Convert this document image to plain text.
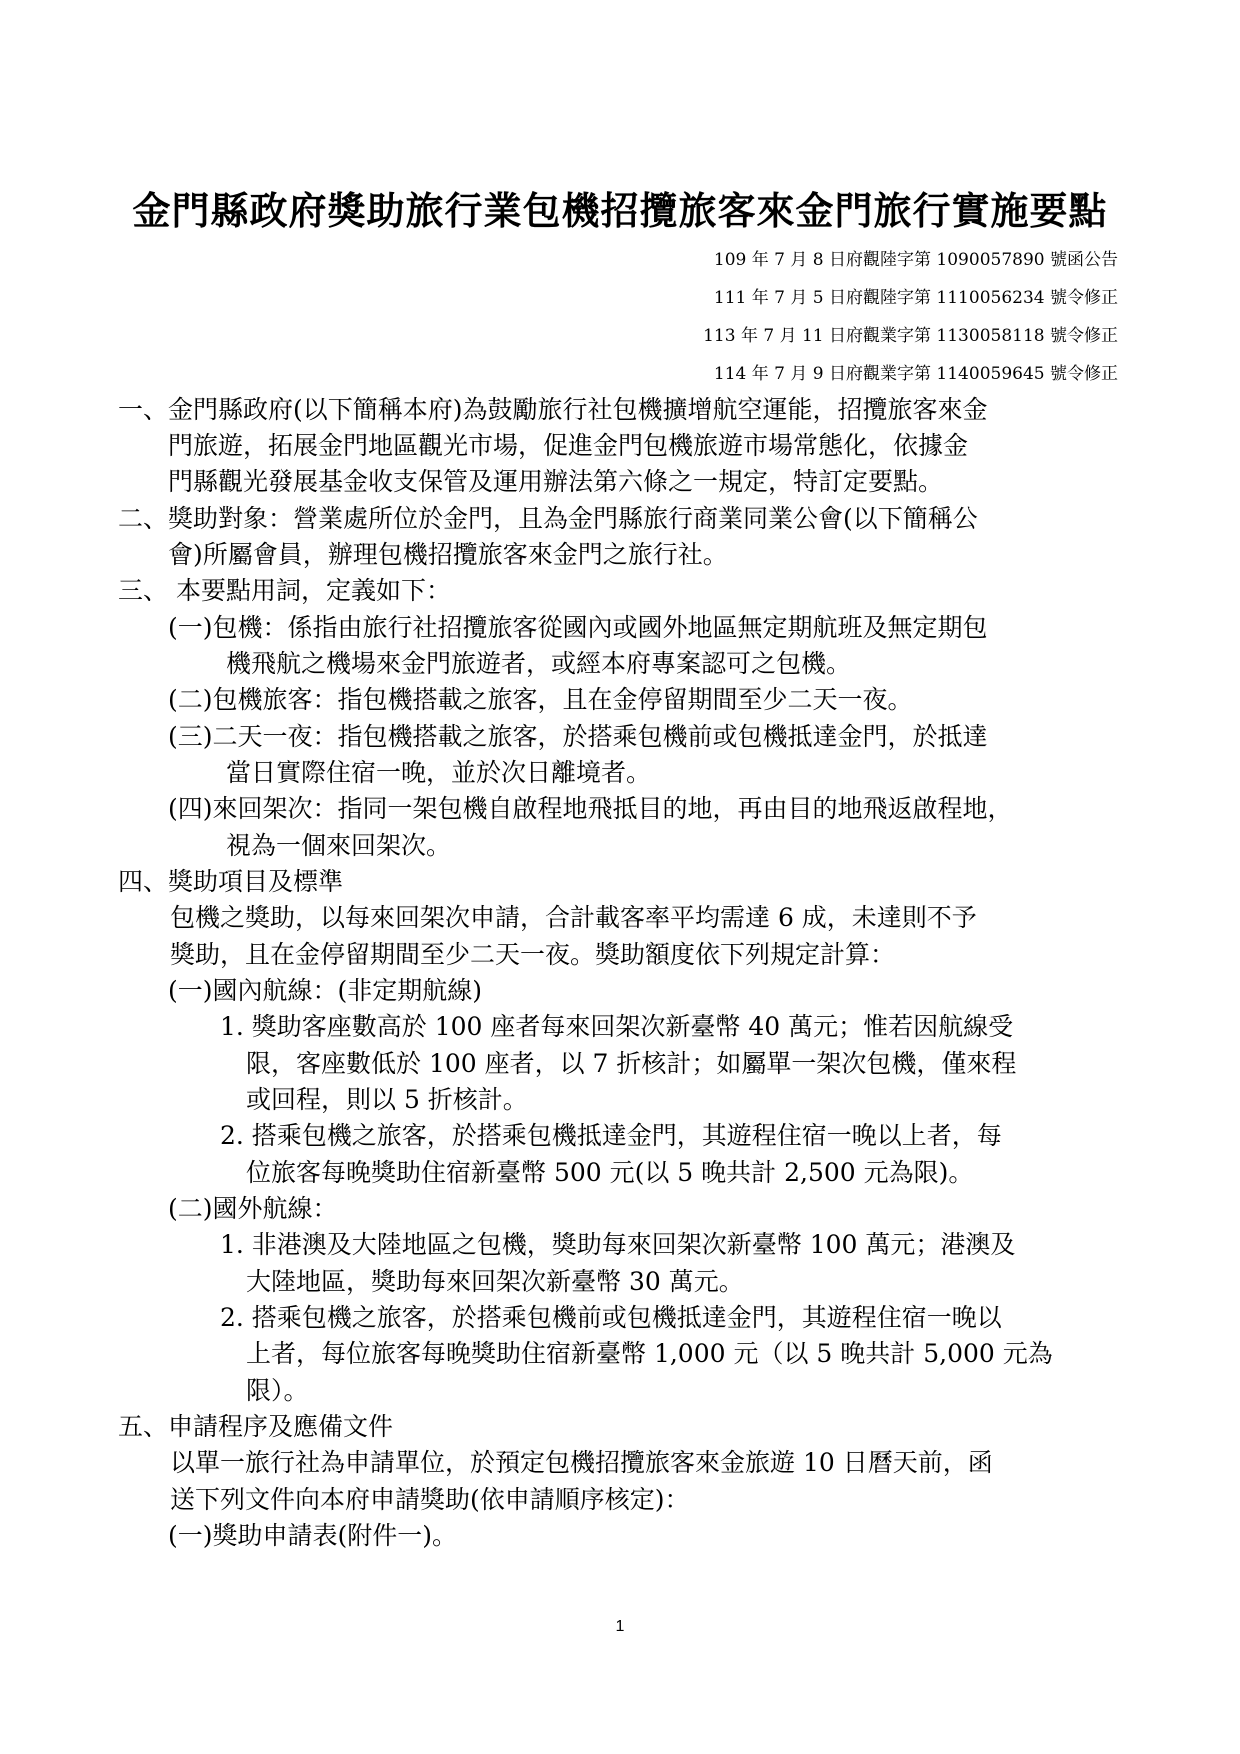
金門縣政府獎助旅行業包機招攬旅客來金門旅行實施要點
109 年 7 月 8 日府觀陸字第 1090057890 號函公告
111 年 7 月 5 日府觀陸字第 1110056234 號令修正
113 年 7 月 11 日府觀業字第 1130058118 號令修正
114 年 7 月 9 日府觀業字第 1140059645 號令修正
一、金門縣政府(以下簡稱本府)為鼓勵旅行社包機擴增航空運能，招攬旅客來金
門旅遊，拓展金門地區觀光市場，促進金門包機旅遊市場常態化，依據金
門縣觀光發展基金收支保管及運用辦法第六條之一規定，特訂定要點。
二、獎助對象：營業處所位於金門，且為金門縣旅行商業同業公會(以下簡稱公
會)所屬會員，辦理包機招攬旅客來金門之旅行社。
三、 本要點用詞，定義如下：
(一)包機：係指由旅行社招攬旅客從國內或國外地區無定期航班及無定期包
機飛航之機場來金門旅遊者，或經本府專案認可之包機。
(二)包機旅客：指包機搭載之旅客，且在金停留期間至少二天一夜。
(三)二天一夜：指包機搭載之旅客，於搭乘包機前或包機抵達金門，於抵達
當日實際住宿一晚，並於次日離境者。
(四)來回架次：指同一架包機自啟程地飛抵目的地，再由目的地飛返啟程地，
視為一個來回架次。
四、獎助項目及標準
包機之獎助，以每來回架次申請，合計載客率平均需達 6 成，未達則不予
獎助，且在金停留期間至少二天一夜。獎助額度依下列規定計算：
(一)國內航線：(非定期航線)
1. 獎助客座數高於 100 座者每來回架次新臺幣 40 萬元；惟若因航線受
限，客座數低於 100 座者，以 7 折核計；如屬單一架次包機，僅來程
或回程，則以 5 折核計。
2. 搭乘包機之旅客，於搭乘包機抵達金門，其遊程住宿一晚以上者，每
位旅客每晚獎助住宿新臺幣 500 元(以 5 晚共計 2,500 元為限)。
(二)國外航線：
1. 非港澳及大陸地區之包機，獎助每來回架次新臺幣 100 萬元；港澳及
大陸地區，獎助每來回架次新臺幣 30 萬元。
2. 搭乘包機之旅客，於搭乘包機前或包機抵達金門，其遊程住宿一晚以
上者，每位旅客每晚獎助住宿新臺幣 1,000 元（以 5 晚共計 5,000 元為
限）。
五、申請程序及應備文件
以單一旅行社為申請單位，於預定包機招攬旅客來金旅遊 10 日曆天前，函
送下列文件向本府申請獎助(依申請順序核定)：
(一)獎助申請表(附件一)。
1
